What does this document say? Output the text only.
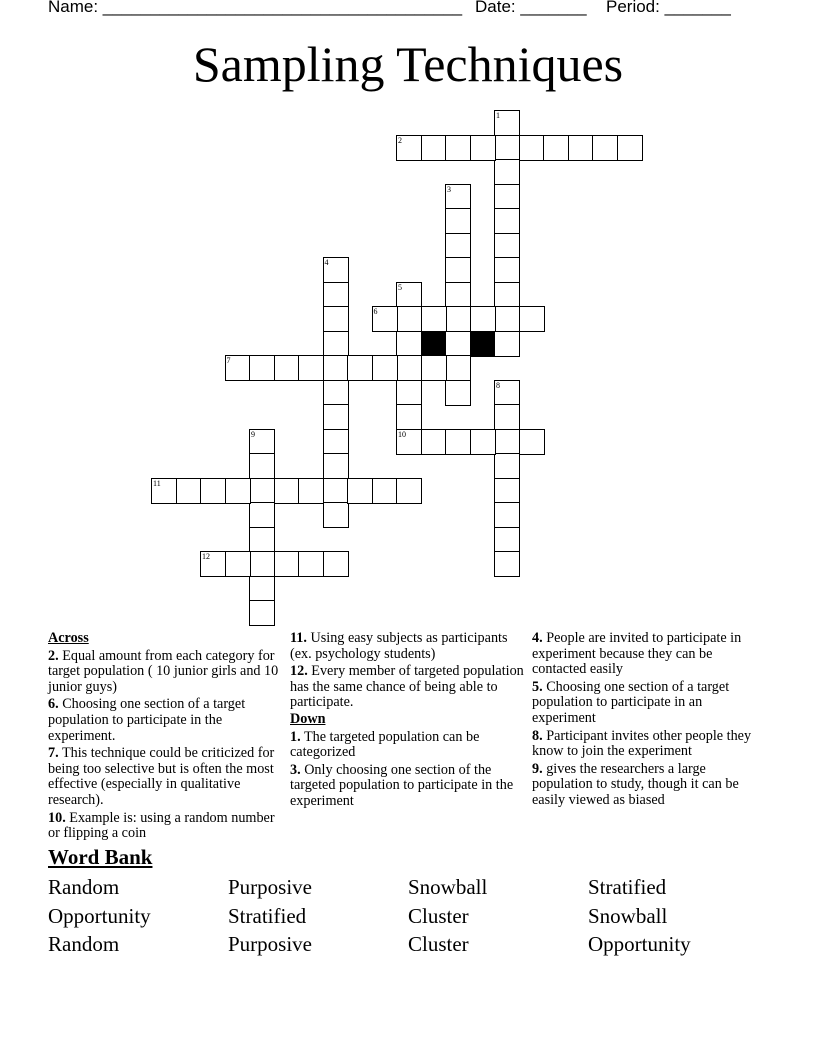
Name: ______________________________________ Date: _______ Period: _______
Sampling Techniques
1
2
3
4
5
6
7
8
9	10
11
12
Across
2. Equal amount from each category for target population ( 10 junior girls and 10 junior guys)
6. Choosing one section of a target population to participate in the experiment.
7. This technique could be criticized for being too selective but is often the most effective (especially in qualitative research).
10. Example is: using a random number or flipping a coin
11. Using easy subjects as participants (ex. psychology students)
12. Every member of targeted population has the same chance of being able to participate.
Down
1. The targeted population can be categorized
3. Only choosing one section of the targeted population to participate in the experiment
4. People are invited to participate in experiment because they can be contacted easily
5. Choosing one section of a target population to participate in an experiment
8. Participant invites other people they know to join the experiment
9. gives the researchers a large population to study, though it can be easily viewed as biased
Word Bank
Random	Purposive	Snowball	Stratified
Opportunity	Stratified	Cluster	Snowball
Random	Purposive	Cluster	Opportunity
